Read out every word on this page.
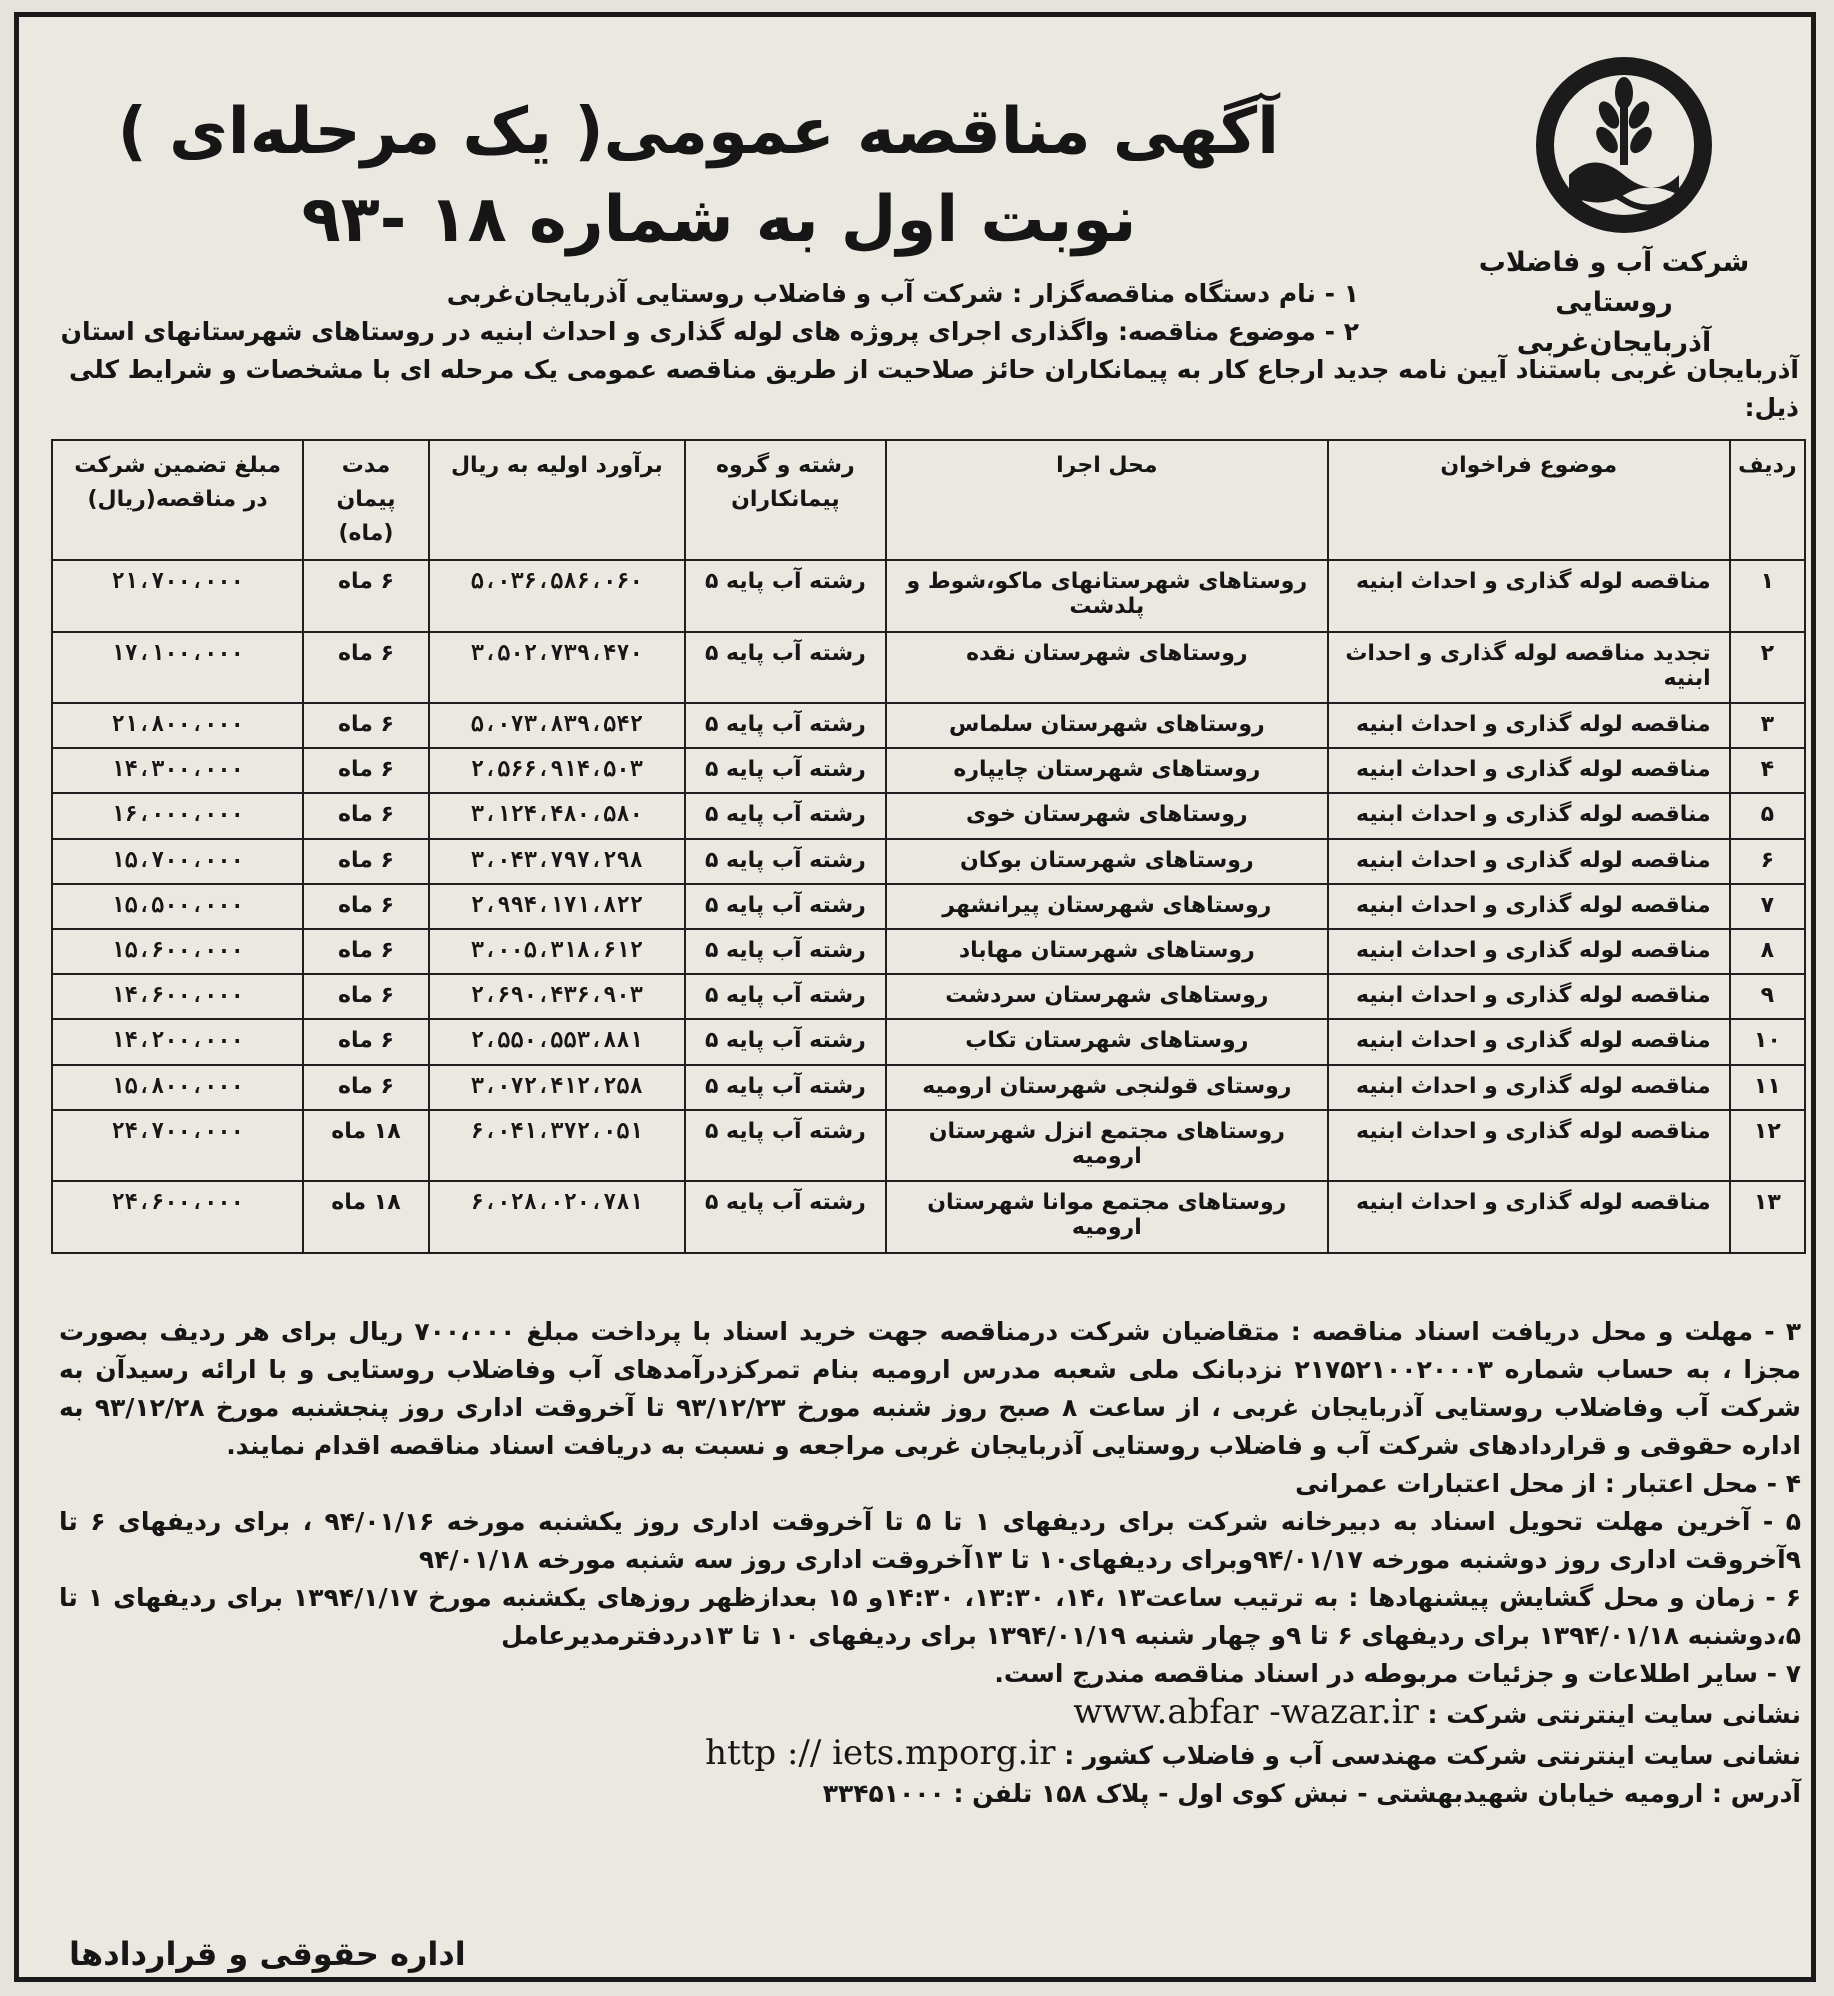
آگهی مناقصه عمومی( یک مرحله‌ای )
نوبت اول به شماره ۱۸ -۹۳
شرکت آب و فاضلاب روستایی
آذربایجان‌غربی
۱ - نام دستگاه مناقصه‌گزار : شرکت آب و فاضلاب روستایی آذربایجان‌غربی
۲ - موضوع مناقصه: واگذاری اجرای پروژه های لوله گذاری و احداث ابنیه در روستاهای شهرستانهای استان
آذربایجان غربی باستناد آیین نامه جدید ارجاع کار به پیمانکاران حائز صلاحیت از طریق مناقصه عمومی یک مرحله ای با مشخصات و شرایط کلی ذیل:
ردیف	موضوع فراخوان	محل اجرا	رشته و گروه پیمانکاران	برآورد اولیه به ریال	مدت پیمان (ماه)	مبلغ تضمین شرکت در مناقصه(ریال)
۱	مناقصه لوله گذاری و احداث ابنیه	روستاهای شهرستانهای ماکو،شوط و پلدشت	رشته آب پایه ۵	۵،۰۳۶،۵۸۶،۰۶۰	۶ ماه	۲۱،۷۰۰،۰۰۰
۲	تجدید مناقصه لوله گذاری و احداث ابنیه	روستاهای شهرستان نقده	رشته آب پایه ۵	۳،۵۰۲،۷۳۹،۴۷۰	۶ ماه	۱۷،۱۰۰،۰۰۰
۳	مناقصه لوله گذاری و احداث ابنیه	روستاهای شهرستان سلماس	رشته آب پایه ۵	۵،۰۷۳،۸۳۹،۵۴۲	۶ ماه	۲۱،۸۰۰،۰۰۰
۴	مناقصه لوله گذاری و احداث ابنیه	روستاهای شهرستان چایپاره	رشته آب پایه ۵	۲،۵۶۶،۹۱۴،۵۰۳	۶ ماه	۱۴،۳۰۰،۰۰۰
۵	مناقصه لوله گذاری و احداث ابنیه	روستاهای شهرستان خوی	رشته آب پایه ۵	۳،۱۲۴،۴۸۰،۵۸۰	۶ ماه	۱۶،۰۰۰،۰۰۰
۶	مناقصه لوله گذاری و احداث ابنیه	روستاهای شهرستان بوکان	رشته آب پایه ۵	۳،۰۴۳،۷۹۷،۲۹۸	۶ ماه	۱۵،۷۰۰،۰۰۰
۷	مناقصه لوله گذاری و احداث ابنیه	روستاهای شهرستان پیرانشهر	رشته آب پایه ۵	۲،۹۹۴،۱۷۱،۸۲۲	۶ ماه	۱۵،۵۰۰،۰۰۰
۸	مناقصه لوله گذاری و احداث ابنیه	روستاهای شهرستان مهاباد	رشته آب پایه ۵	۳،۰۰۵،۳۱۸،۶۱۲	۶ ماه	۱۵،۶۰۰،۰۰۰
۹	مناقصه لوله گذاری و احداث ابنیه	روستاهای شهرستان سردشت	رشته آب پایه ۵	۲،۶۹۰،۴۳۶،۹۰۳	۶ ماه	۱۴،۶۰۰،۰۰۰
۱۰	مناقصه لوله گذاری و احداث ابنیه	روستاهای شهرستان تکاب	رشته آب پایه ۵	۲،۵۵۰،۵۵۳،۸۸۱	۶ ماه	۱۴،۲۰۰،۰۰۰
۱۱	مناقصه لوله گذاری و احداث ابنیه	روستای قولنجی شهرستان ارومیه	رشته آب پایه ۵	۳،۰۷۲،۴۱۲،۲۵۸	۶ ماه	۱۵،۸۰۰،۰۰۰
۱۲	مناقصه لوله گذاری و احداث ابنیه	روستاهای مجتمع انزل شهرستان ارومیه	رشته آب پایه ۵	۶،۰۴۱،۳۷۲،۰۵۱	۱۸ ماه	۲۴،۷۰۰،۰۰۰
۱۳	مناقصه لوله گذاری و احداث ابنیه	روستاهای مجتمع موانا شهرستان ارومیه	رشته آب پایه ۵	۶،۰۲۸،۰۲۰،۷۸۱	۱۸ ماه	۲۴،۶۰۰،۰۰۰

۳ - مهلت و محل دریافت اسناد مناقصه : متقاضیان شرکت درمناقصه جهت خرید اسناد با پرداخت مبلغ ۷۰۰،۰۰۰ ریال برای هر ردیف بصورت مجزا ، به حساب شماره ۲۱۷۵۲۱۰۰۲۰۰۰۳ نزدبانک ملی شعبه مدرس ارومیه بنام تمرکزدرآمدهای آب وفاضلاب روستایی و با ارائه رسیدآن به شرکت آب وفاضلاب روستایی آذربایجان غربی ، از ساعت ۸ صبح روز شنبه مورخ ۹۳/۱۲/۲۳ تا آخروقت اداری روز پنجشنبه مورخ ۹۳/۱۲/۲۸ به اداره حقوقی و قراردادهای شرکت آب و فاضلاب روستایی آذربایجان غربی مراجعه و نسبت به دریافت اسناد مناقصه اقدام نمایند.

۴ - محل اعتبار : از محل اعتبارات عمرانی

۵ - آخرین مهلت تحویل اسناد به دبیرخانه شرکت برای ردیفهای ۱ تا ۵ تا آخروقت اداری روز یکشنبه مورخه ۹۴/۰۱/۱۶ ، برای ردیفهای ۶ تا ۹آخروقت اداری روز دوشنبه مورخه ۹۴/۰۱/۱۷وبرای ردیفهای۱۰ تا ۱۳آخروقت اداری روز سه شنبه مورخه ۹۴/۰۱/۱۸

۶ - زمان و محل گشایش پیشنهادها : به ترتیب ساعت۱۳ ،۱۴، ۱۳:۳۰، ۱۴:۳۰و ۱۵ بعدازظهر روزهای یکشنبه مورخ ۱۳۹۴/۱/۱۷ برای ردیفهای ۱ تا ۵،دوشنبه ۱۳۹۴/۰۱/۱۸ برای ردیفهای ۶ تا ۹و چهار شنبه ۱۳۹۴/۰۱/۱۹ برای ردیفهای ۱۰ تا ۱۳دردفترمدیرعامل

۷ - سایر اطلاعات و جزئیات مربوطه در اسناد مناقصه مندرج است.

نشانی سایت اینترنتی شرکت : www.abfar -wazar.ir

نشانی سایت اینترنتی شرکت مهندسی آب و فاضلاب کشور : http :// iets.mporg.ir

آدرس : ارومیه خیابان شهیدبهشتی - نبش کوی اول - پلاک ۱۵۸ تلفن : ۳۳۴۵۱۰۰۰

اداره حقوقی و قراردادها
